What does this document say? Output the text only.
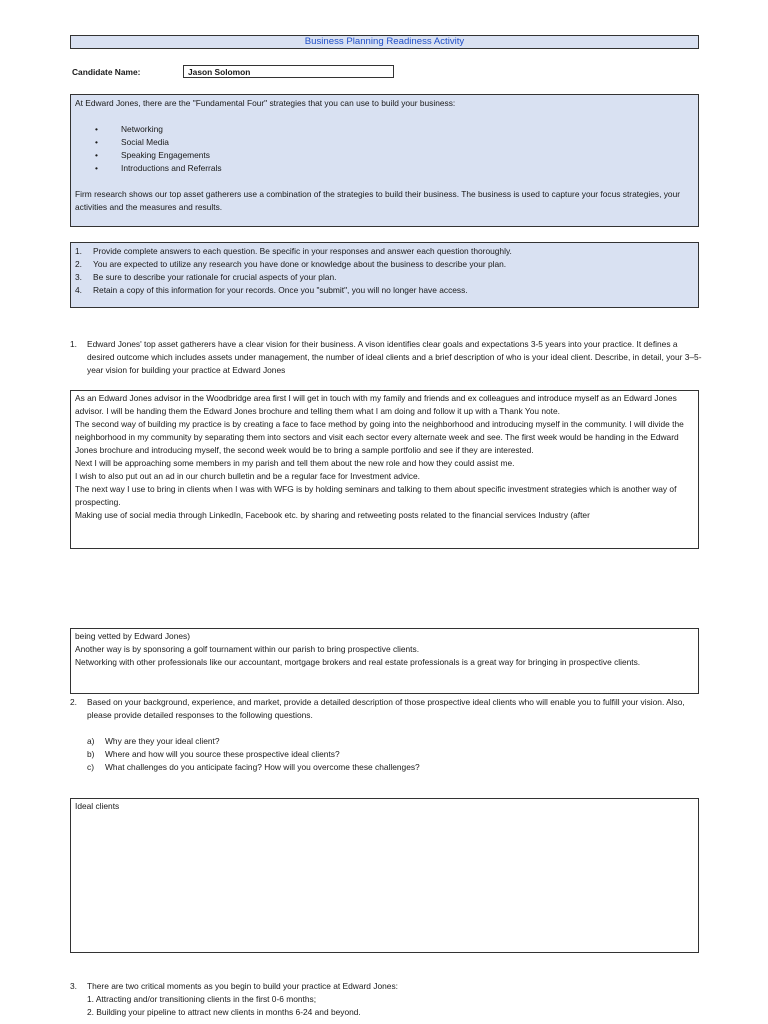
Business Planning Readiness Activity
Candidate Name:	Jason Solomon
At Edward Jones, there are the "Fundamental Four" strategies that you can use to build your business:
• Networking
• Social Media
• Speaking Engagements
• Introductions and Referrals
Firm research shows our top asset gatherers use a combination of the strategies to build their business. The business is used to capture your focus strategies, your activities and the measures and results.
1. Provide complete answers to each question. Be specific in your responses and answer each question thoroughly.
2. You are expected to utilize any research you have done or knowledge about the business to describe your plan.
3. Be sure to describe your rationale for crucial aspects of your plan.
4. Retain a copy of this information for your records. Once you "submit", you will no longer have access.
1.	Edward Jones' top asset gatherers have a clear vision for their business. A vison identifies clear goals and expectations 3-5 years into your practice. It defines a desired outcome which includes assets under management, the number of ideal clients and a brief description of who is your ideal client. Describe, in detail, your 3–5-year vision for building your practice at Edward Jones

As an Edward Jones advisor in the Woodbridge area first I will get in touch with my family and friends and ex colleagues and introduce myself as an Edward Jones advisor. I will be handing them the Edward Jones brochure and telling them what I am doing and follow it up with a Thank You note.

The second way of building my practice is by creating a face to face method by going into the neighborhood and introducing myself in the community. I will divide the neighborhood in my community by separating them into sectors and visit each sector every alternate week and see. The first week would be handing in the Edward Jones brochure and introducing myself, the second week would be to bring a sample portfolio and see if they are interested.

Next I will be approaching some members in my parish and tell them about the new role and how they could assist me.

I wish to also put out an ad in our church bulletin and be a regular face for Investment advice.

The next way I use to bring in clients when I was with WFG is by holding seminars and talking to them about specific investment strategies which is another way of prospecting.

Making use of social media through LinkedIn, Facebook etc. by sharing and retweeting posts related to the financial services Industry (after

being vetted by Edward Jones)

Another way is by sponsoring a golf tournament within our parish to bring prospective clients.

Networking with other professionals like our accountant, mortgage brokers and real estate professionals is a great way for bringing in prospective clients.

2.	Based on your background, experience, and market, provide a detailed description of those prospective ideal clients who will enable you to fulfill your vision. Also, please provide detailed responses to the following questions.
a) Why are they your ideal client?
b) Where and how will you source these prospective ideal clients?
c) What challenges do you anticipate facing? How will you overcome these challenges?

Ideal clients

3.	There are two critical moments as you begin to build your practice at Edward Jones:
1. Attracting and/or transitioning clients in the first 0-6 months;
2. Building your pipeline to attract new clients in months 6-24 and beyond.
